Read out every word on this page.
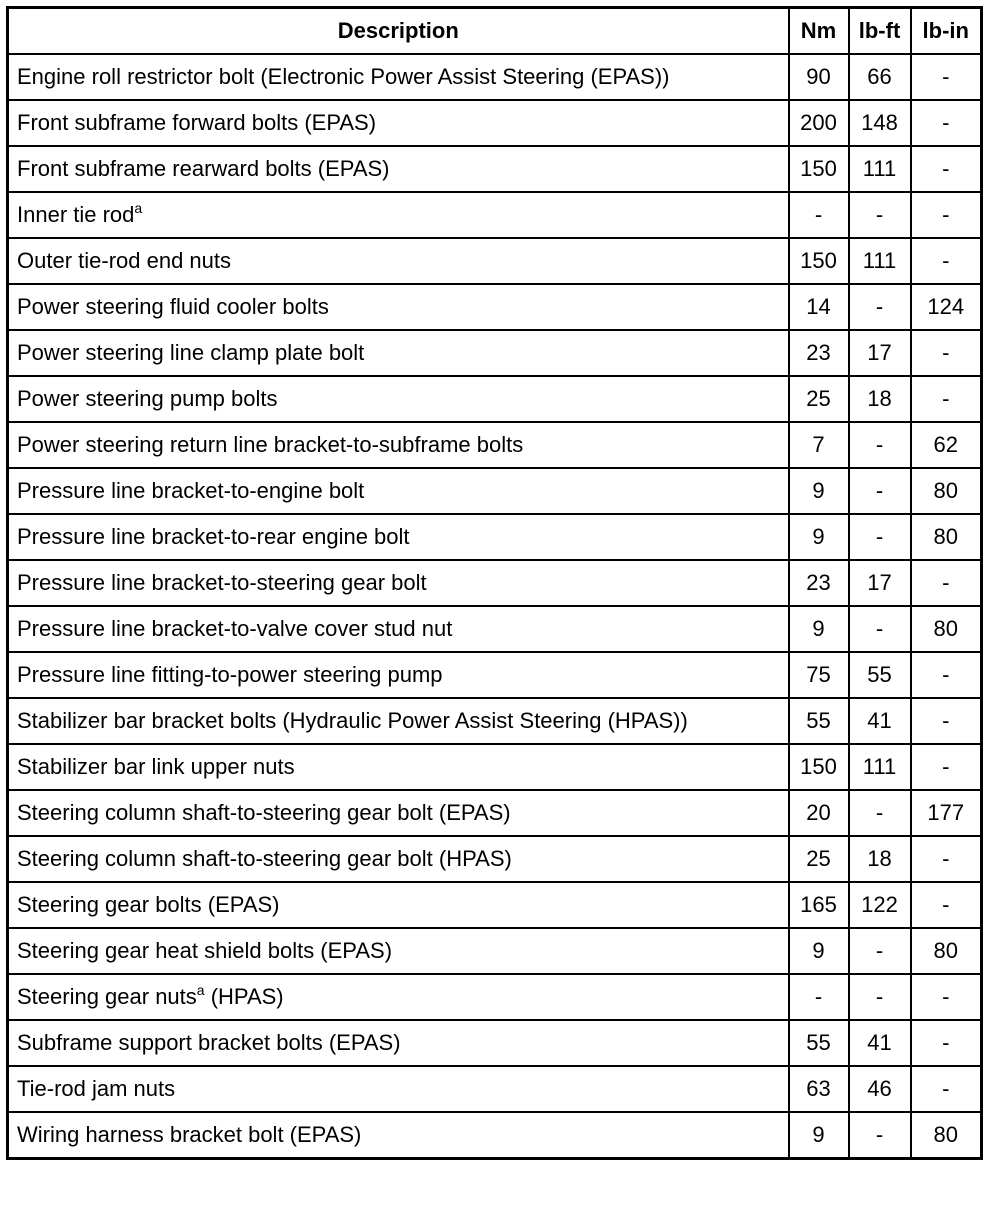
Description	Nm	lb-ft	lb-in
Engine roll restrictor bolt (Electronic Power Assist Steering (EPAS))	90	66	-
Front subframe forward bolts (EPAS)	200	148	-
Front subframe rearward bolts (EPAS)	150	111	-
Inner tie rod$^a$	-	-	-
Outer tie-rod end nuts	150	111	-
Power steering fluid cooler bolts	14	-	124
Power steering line clamp plate bolt	23	17	-
Power steering pump bolts	25	18	-
Power steering return line bracket-to-subframe bolts	7	-	62
Pressure line bracket-to-engine bolt	9	-	80
Pressure line bracket-to-rear engine bolt	9	-	80
Pressure line bracket-to-steering gear bolt	23	17	-
Pressure line bracket-to-valve cover stud nut	9	-	80
Pressure line fitting-to-power steering pump	75	55	-
Stabilizer bar bracket bolts (Hydraulic Power Assist Steering (HPAS))	55	41	-
Stabilizer bar link upper nuts	150	111	-
Steering column shaft-to-steering gear bolt (EPAS)	20	-	177
Steering column shaft-to-steering gear bolt (HPAS)	25	18	-
Steering gear bolts (EPAS)	165	122	-
Steering gear heat shield bolts (EPAS)	9	-	80
Steering gear nuts$^a$ (HPAS)	-	-	-
Subframe support bracket bolts (EPAS)	55	41	-
Tie-rod jam nuts	63	46	-
Wiring harness bracket bolt (EPAS)	9	-	80
